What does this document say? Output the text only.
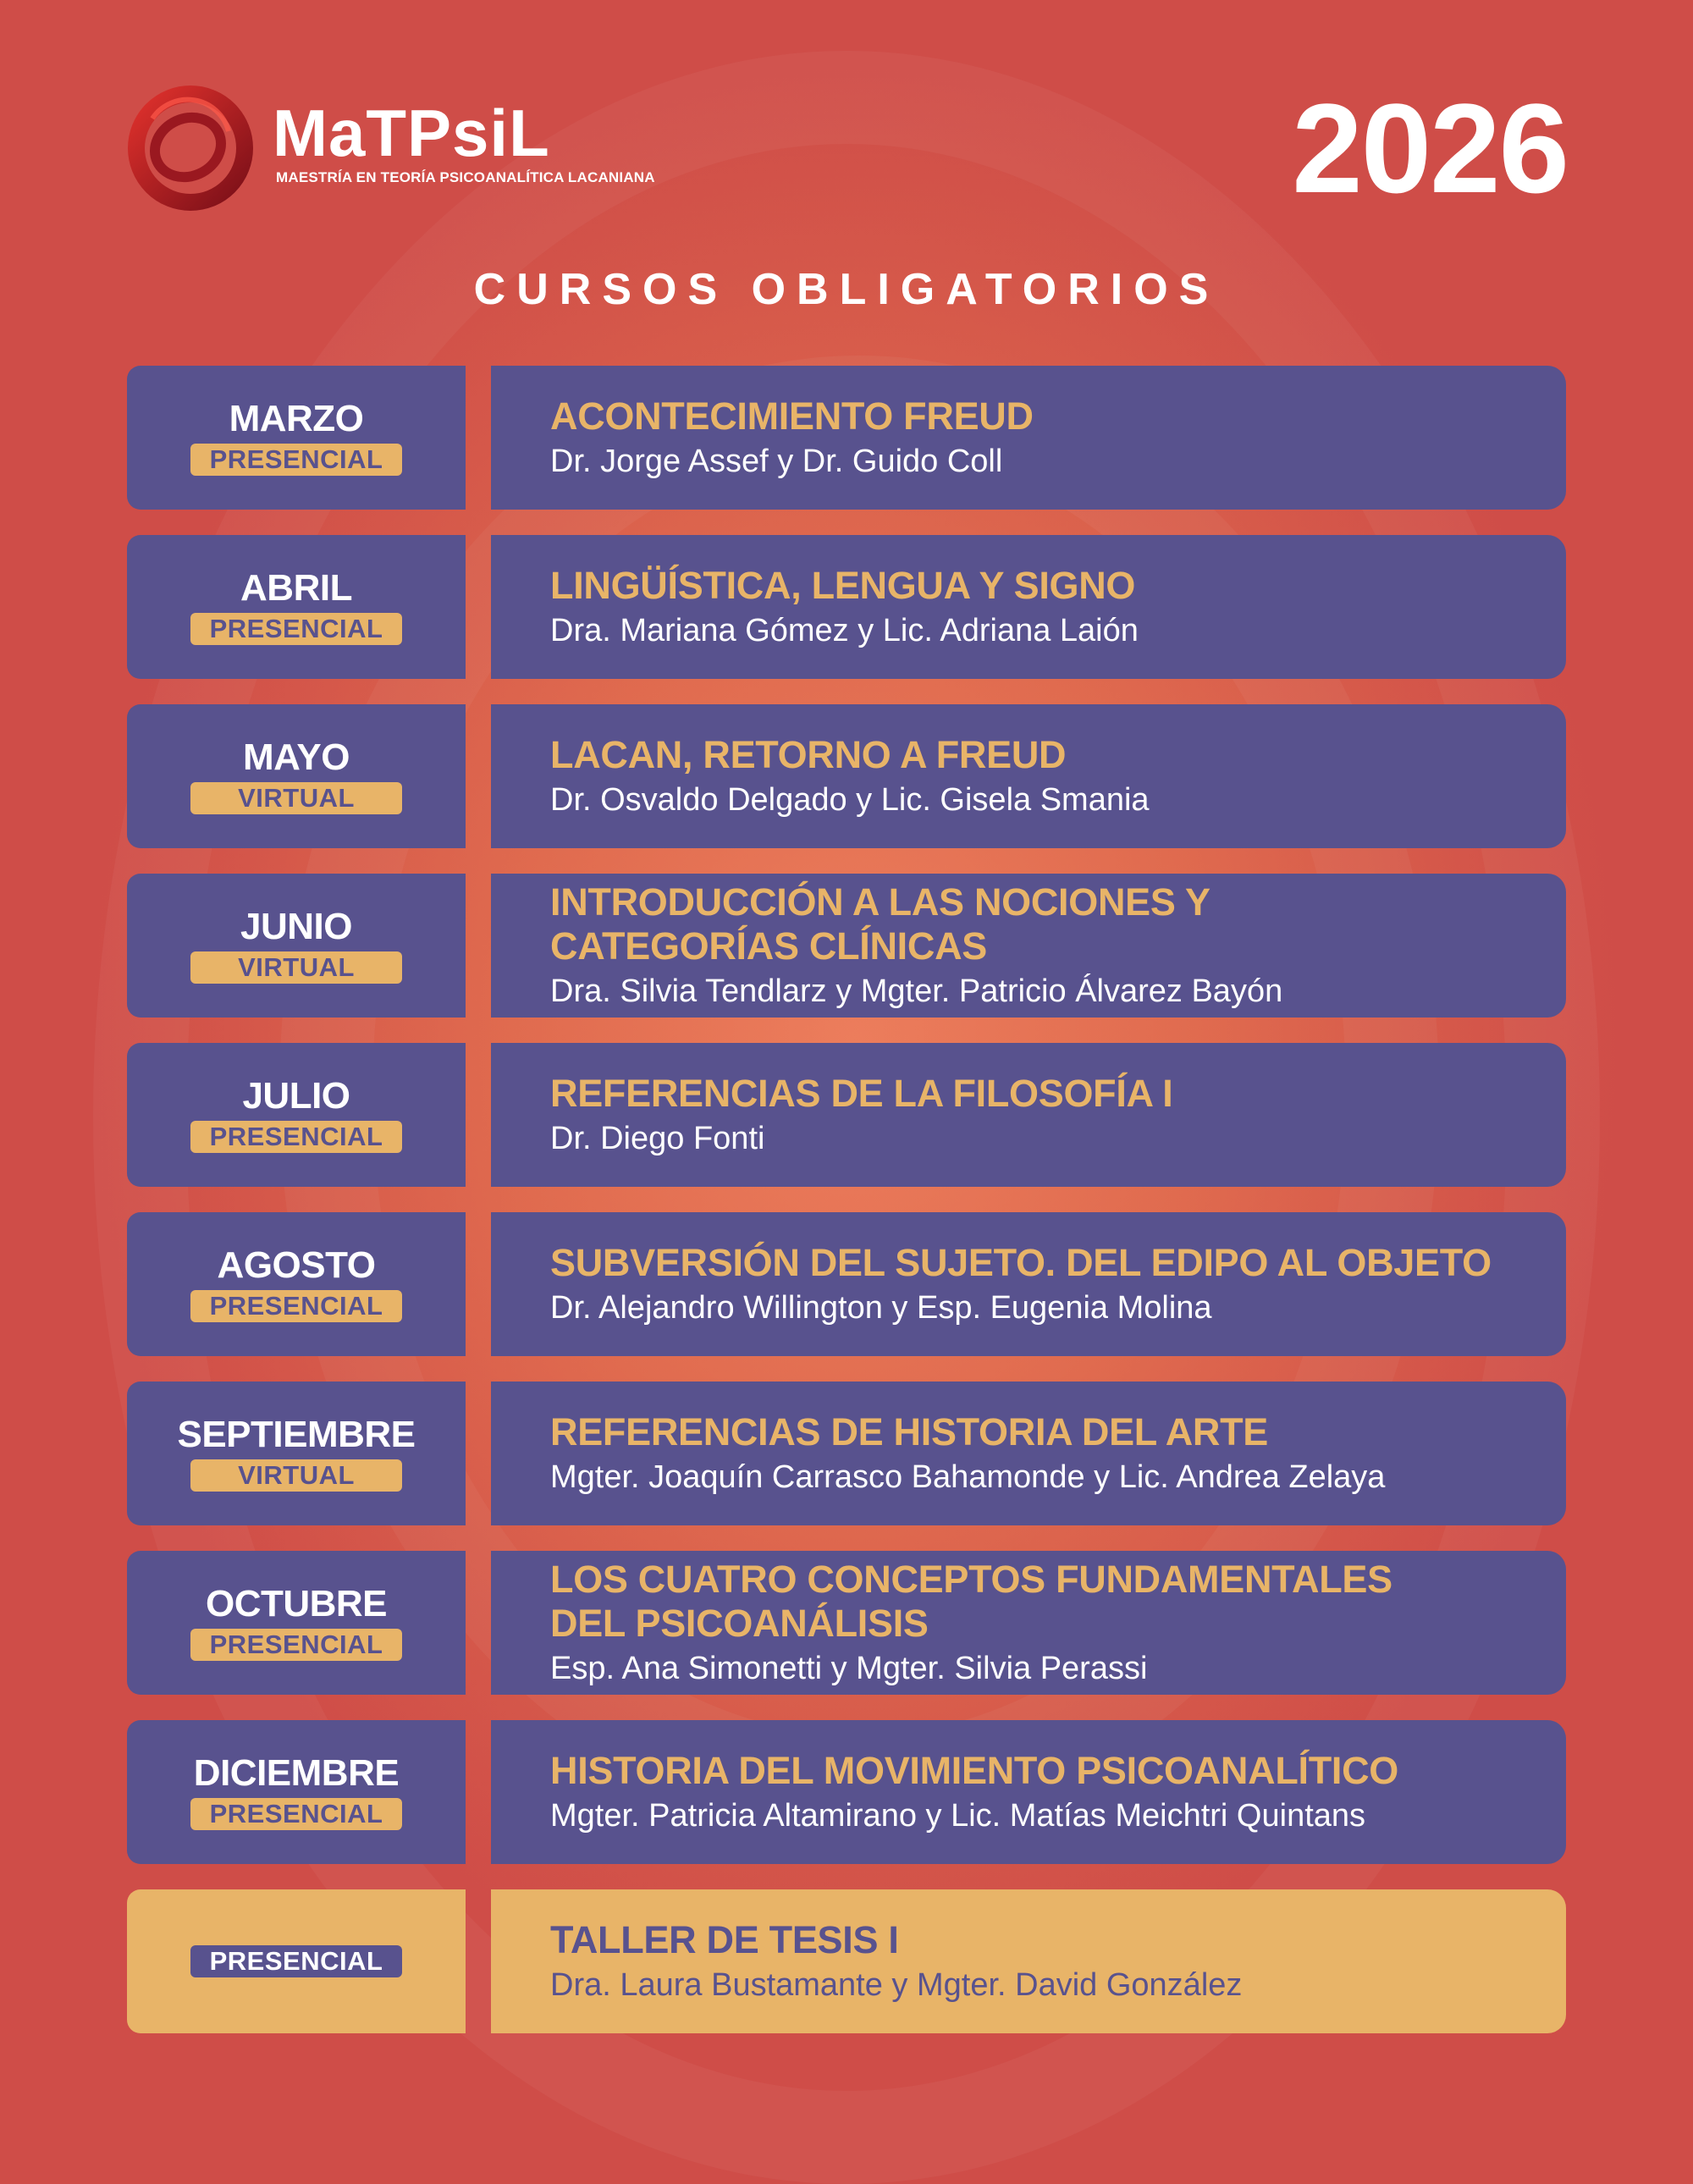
MaTPsiL
MAESTRÍA EN TEORÍA PSICOANALÍTICA LACANIANA	2026
CURSOS OBLIGATORIOS
MARZO
PRESENCIAL
ACONTECIMIENTO FREUD
Dr. Jorge Assef y Dr. Guido Coll
ABRIL
PRESENCIAL
LINGÜÍSTICA, LENGUA Y SIGNO
Dra. Mariana Gómez y Lic. Adriana Laión
MAYO
VIRTUAL
LACAN, RETORNO A FREUD
Dr. Osvaldo Delgado y Lic. Gisela Smania
JUNIO
VIRTUAL
INTRODUCCIÓN A LAS NOCIONES Y
CATEGORÍAS CLÍNICAS
Dra. Silvia Tendlarz y Mgter. Patricio Álvarez Bayón
JULIO
PRESENCIAL
REFERENCIAS DE LA FILOSOFÍA I
Dr. Diego Fonti
AGOSTO
PRESENCIAL
SUBVERSIÓN DEL SUJETO. DEL EDIPO AL OBJETO
Dr. Alejandro Willington y Esp. Eugenia Molina
SEPTIEMBRE
VIRTUAL
REFERENCIAS DE HISTORIA DEL ARTE
Mgter. Joaquín Carrasco Bahamonde y Lic. Andrea Zelaya
OCTUBRE
PRESENCIAL
LOS CUATRO CONCEPTOS FUNDAMENTALES
DEL PSICOANÁLISIS
Esp. Ana Simonetti y Mgter. Silvia Perassi
DICIEMBRE
PRESENCIAL
HISTORIA DEL MOVIMIENTO PSICOANALÍTICO
Mgter. Patricia Altamirano y Lic. Matías Meichtri Quintans
PRESENCIAL	TALLER DE TESIS I
Dra. Laura Bustamante y Mgter. David González
